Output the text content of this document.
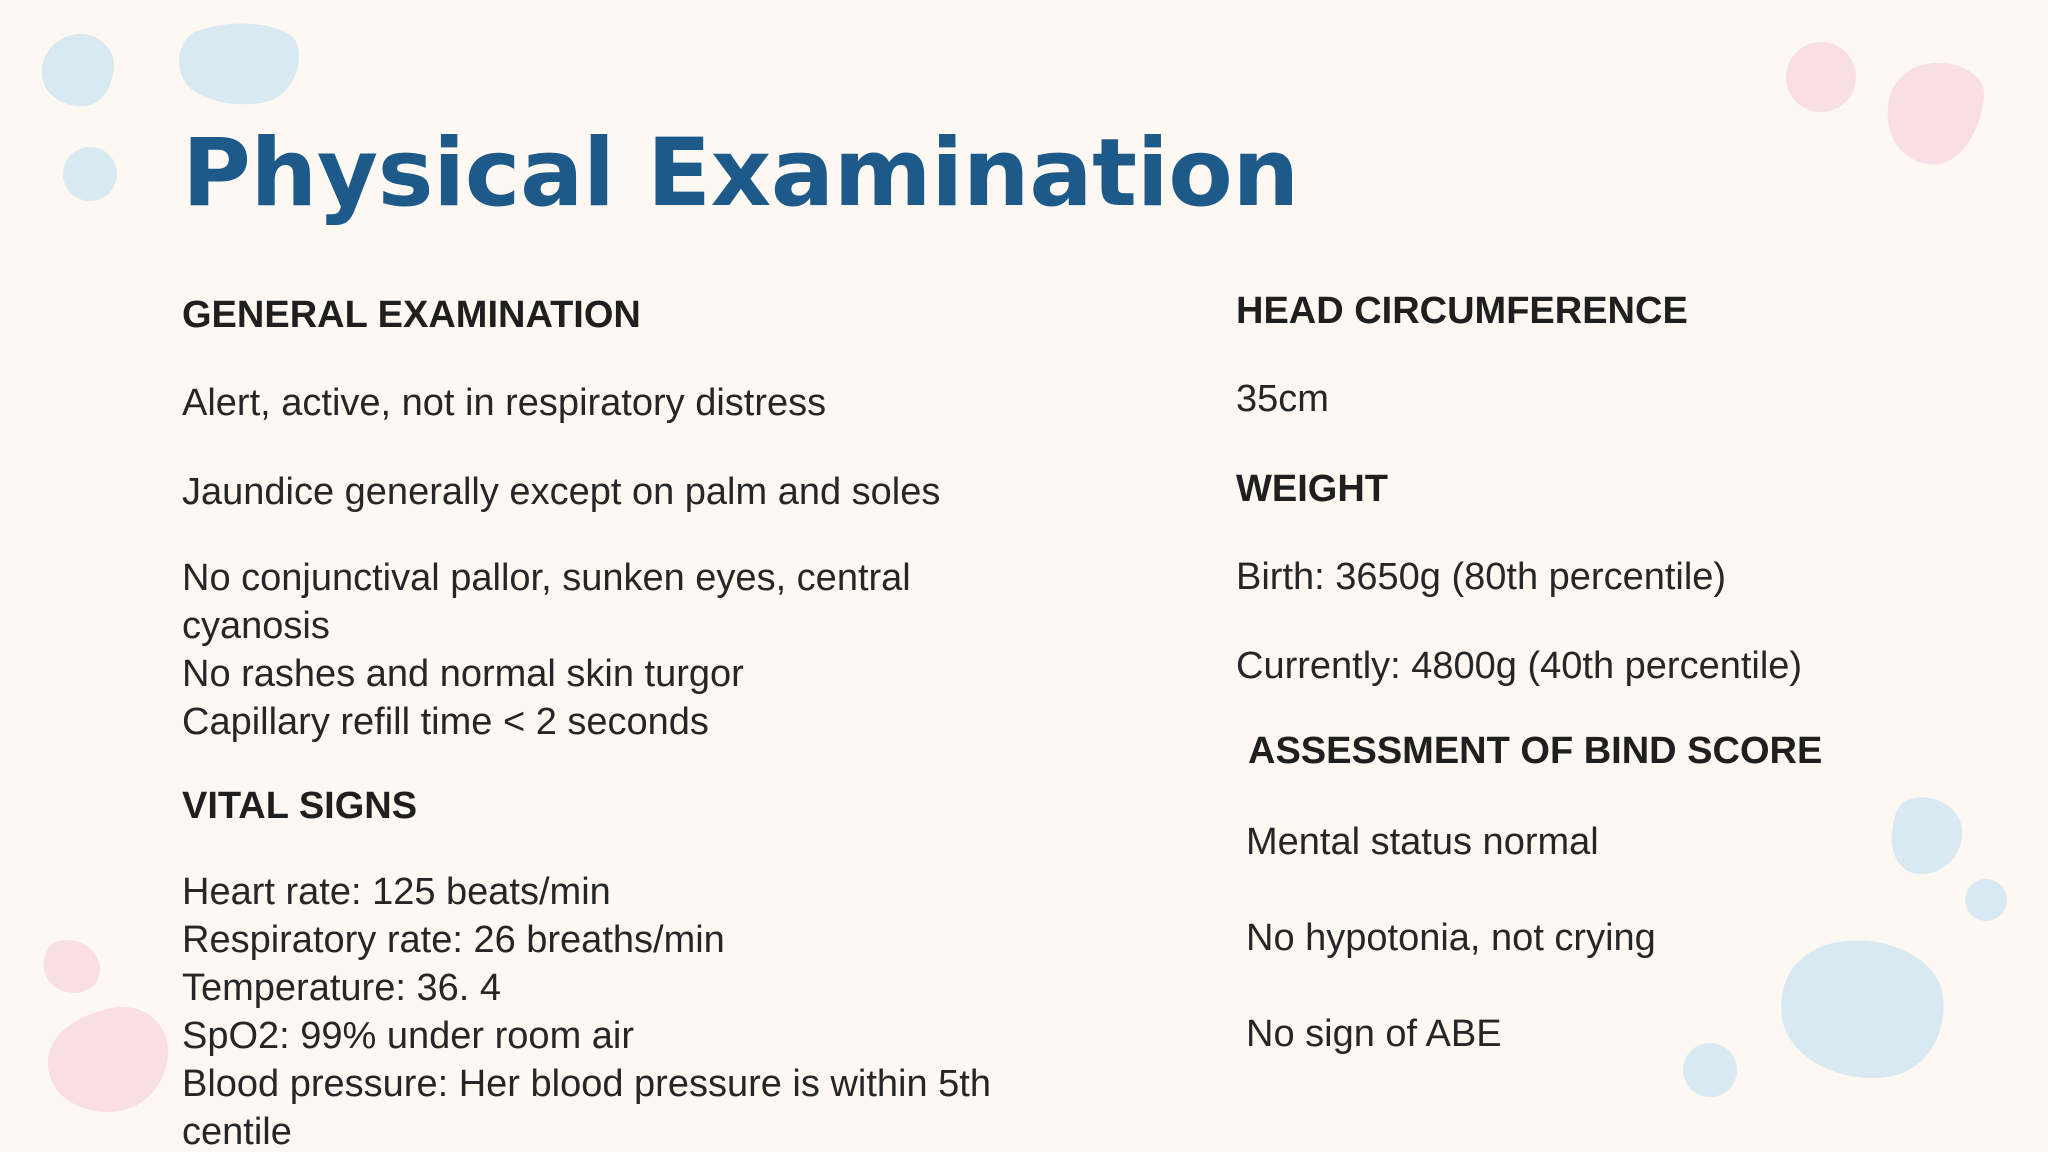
Physical Examination
GENERAL EXAMINATION
Alert, active, not in respiratory distress
Jaundice generally except on palm and soles
No conjunctival pallor, sunken eyes, central
cyanosis
No rashes and normal skin turgor
Capillary refill time < 2 seconds
VITAL SIGNS
Heart rate: 125 beats/min
Respiratory rate: 26 breaths/min
Temperature: 36. 4
SpO2: 99% under room air
Blood pressure: Her blood pressure is within 5th
centile
HEAD CIRCUMFERENCE
35cm
WEIGHT
Birth: 3650g (80th percentile)
Currently: 4800g (40th percentile)
ASSESSMENT OF BIND SCORE
Mental status normal
No hypotonia, not crying
No sign of ABE
